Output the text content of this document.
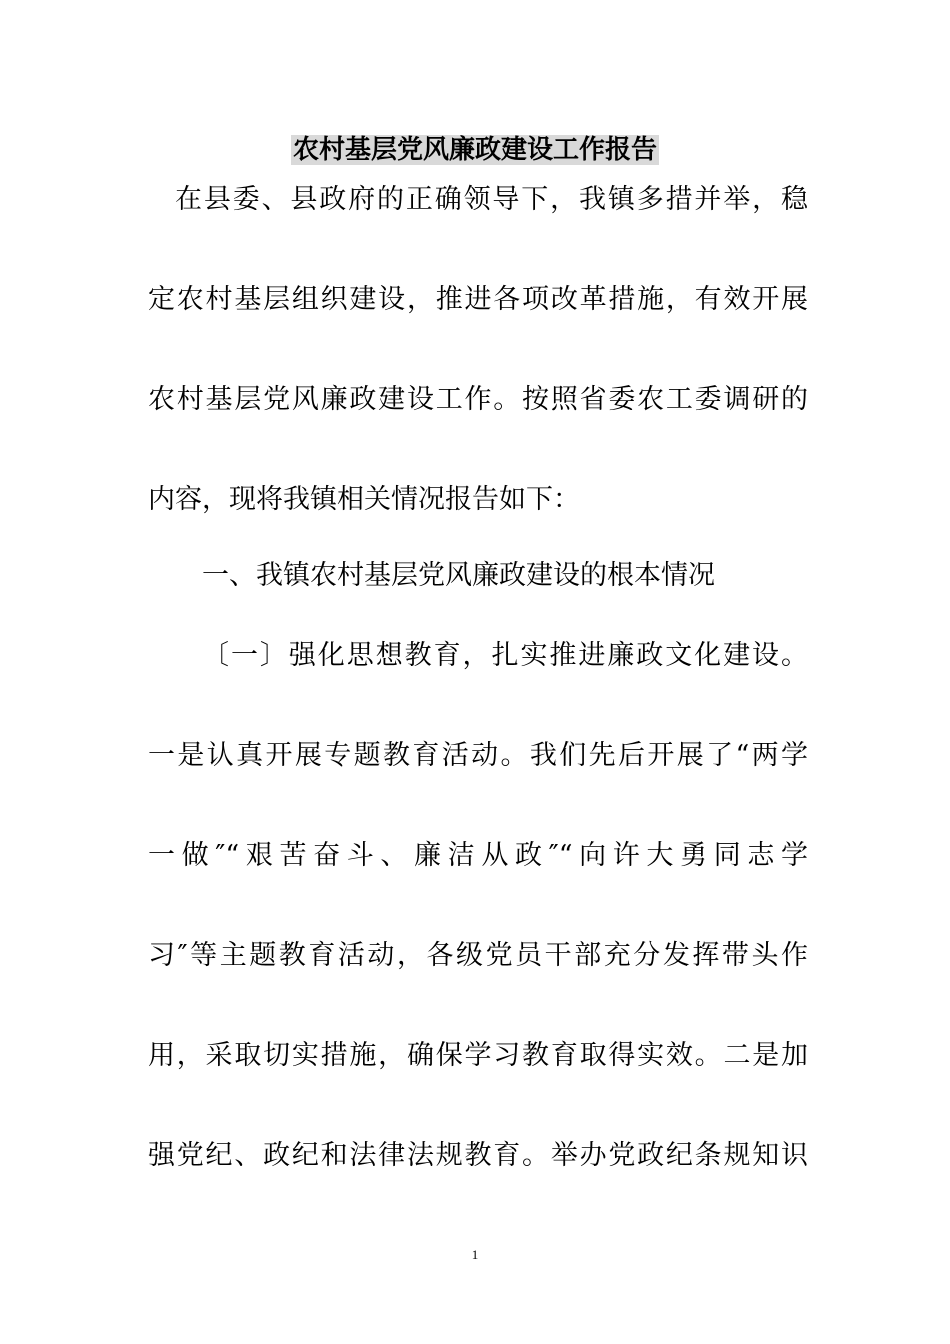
农村基层党风廉政建设工作报告
在县委、县政府的正确领导下，我镇多措并举，稳
定农村基层组织建设，推进各项改革措施，有效开展
农村基层党风廉政建设工作。按照省委农工委调研的
内容，现将我镇相关情况报告如下：
一、我镇农村基层党风廉政建设的根本情况
〔一〕强化思想教育，扎实推进廉政文化建设。
一是认真开展专题教育活动。我们先后开展了“两学
一做″“艰苦奋斗、廉洁从政″“向许大勇同志学
习″等主题教育活动，各级党员干部充分发挥带头作
用，采取切实措施，确保学习教育取得实效。二是加
强党纪、政纪和法律法规教育。举办党政纪条规知识
1
